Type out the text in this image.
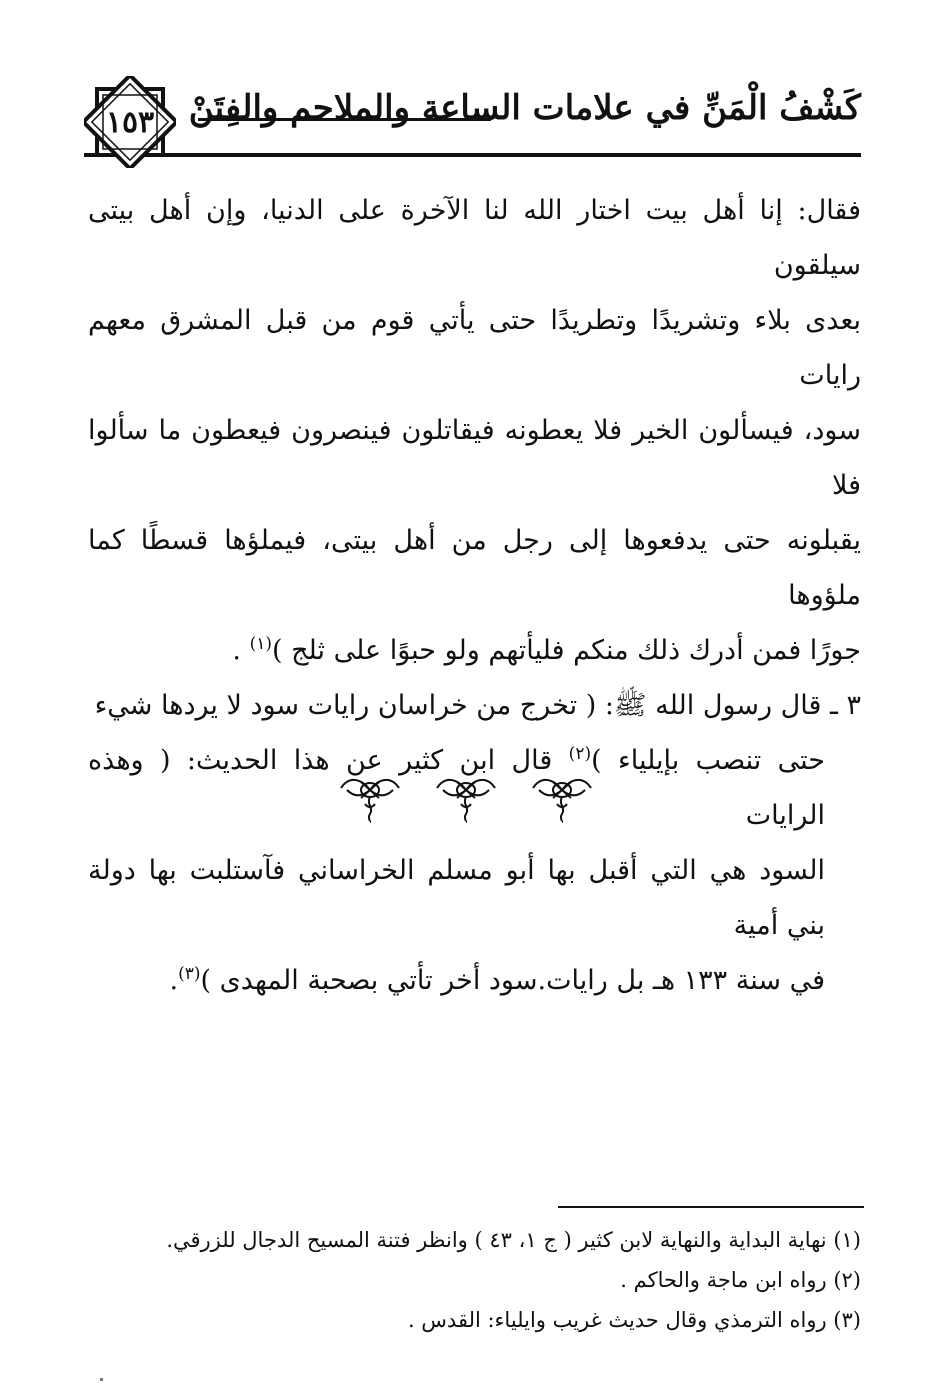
كَشْفُ الْمَنِّ في علامات الساعة والملاحم والفِتَنْ
١٥٣

فقال: إنا أهل بيت اختار الله لنا الآخرة على الدنيا، وإن أهل بيتى سيلقون
بعدى بلاء وتشريدًا وتطريدًا حتى يأتي قوم من قبل المشرق معهم رايات
سود، فيسألون الخير فلا يعطونه فيقاتلون فينصرون فيعطون ما سألوا فلا
يقبلونه حتى يدفعوها إلى رجل من أهل بيتى، فيملؤها قسطًا كما ملؤوها
جورًا فمن أدرك ذلك منكم فليأتهم ولو حبوًا على ثلج )$^{(١)}$ .

٣ ـ قال رسول الله ﷺ: ( تخرج من خراسان رايات سود لا يردها شيء

حتى تنصب بإيلياء )$^{(٢)}$ قال ابن كثير عن هذا الحديث: ( وهذه الرايات
السود هي التي أقبل بها أبو مسلم الخراساني فآستلبت بها دولة بني أمية
في سنة ١٣٣ هـ بل رايات.سود أخر تأتي بصحبة المهدى )$^{(٣)}$.

(١) نهاية البداية والنهاية لابن كثير ( ج ١، ٤٣ ) وانظر فتنة المسيح الدجال للزرقي.

(٢) رواه ابن ماجة والحاكم .

(٣) رواه الترمذي وقال حديث غريب وايلياء: القدس .
